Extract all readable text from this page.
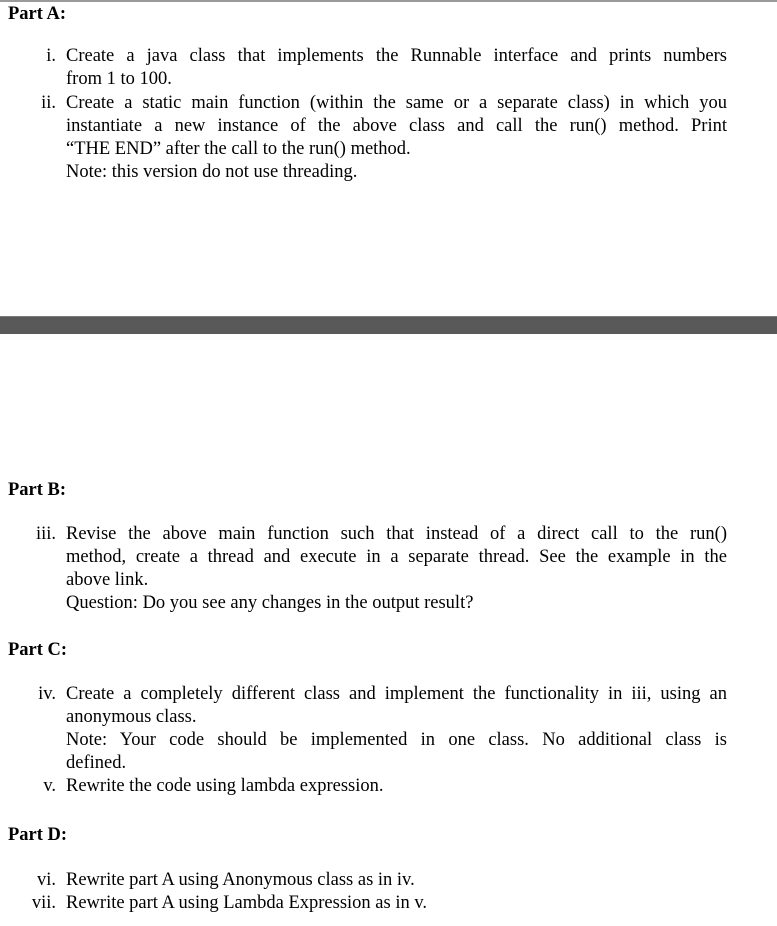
Part A:
i. Create a java class that implements the Runnable interface and prints numbers
from 1 to 100.
ii. Create a static main function (within the same or a separate class) in which you
instantiate a new instance of the above class and call the run() method. Print
“THE END” after the call to the run() method.
Note: this version do not use threading.
Part B:
iii. Revise the above main function such that instead of a direct call to the run()
method, create a thread and execute in a separate thread. See the example in the
above link.
Question: Do you see any changes in the output result?
Part C:
iv. Create a completely different class and implement the functionality in iii, using an
anonymous class.
Note: Your code should be implemented in one class. No additional class is
defined.
v. Rewrite the code using lambda expression.
Part D:
vi. Rewrite part A using Anonymous class as in iv.
vii. Rewrite part A using Lambda Expression as in v.
